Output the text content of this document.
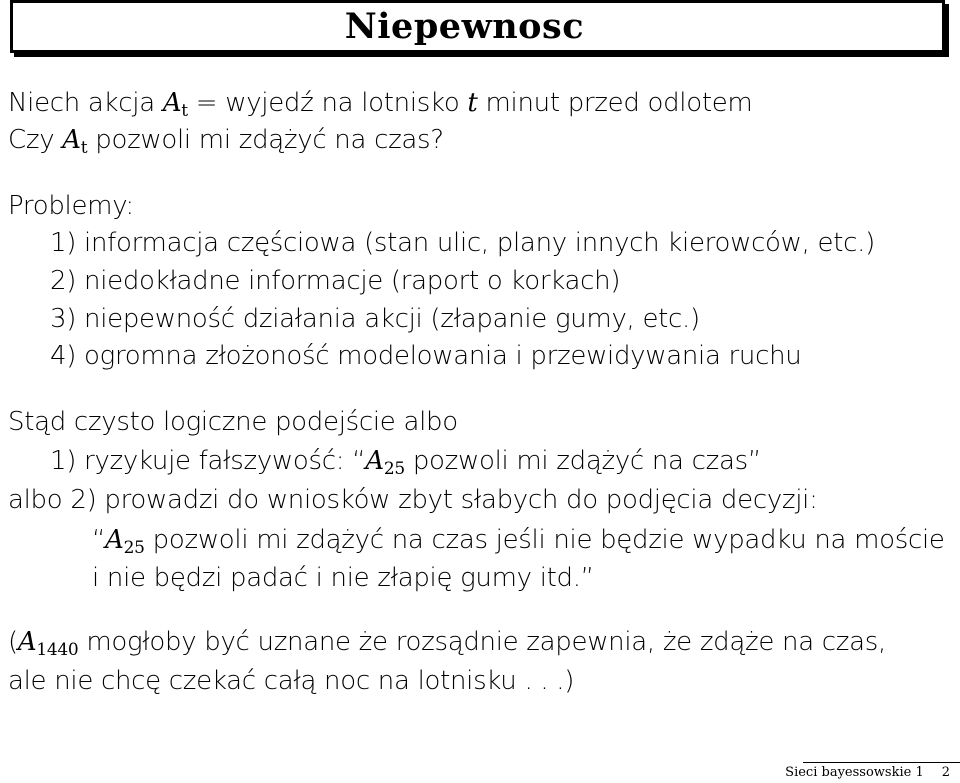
Niepewnosc
Niech akcja $A_t$ = wyjedź na lotnisko t minut przed odlotem
Czy $A_t$ pozwoli mi zdążyć na czas?
Problemy:
1) informacja częściowa (stan ulic, plany innych kierowców, etc.)
2) niedokładne informacje (raport o korkach)
3) niepewność działania akcji (złapanie gumy, etc.)
4) ogromna złożoność modelowania i przewidywania ruchu
Stąd czysto logiczne podejście albo
1) ryzykuje fałszywość: “$A_{25}$ pozwoli mi zdążyć na czas”
albo 2) prowadzi do wniosków zbyt słabych do podjęcia decyzji:
“$A_{25}$ pozwoli mi zdążyć na czas jeśli nie będzie wypadku na moście
i nie będzi padać i nie złapię gumy itd.”
($A_{1440}$ mogłoby być uznane że rozsądnie zapewnia, że zdąże na czas,
ale nie chcę czekać całą noc na lotnisku . . .)
Sieci bayessowskie 1 2
